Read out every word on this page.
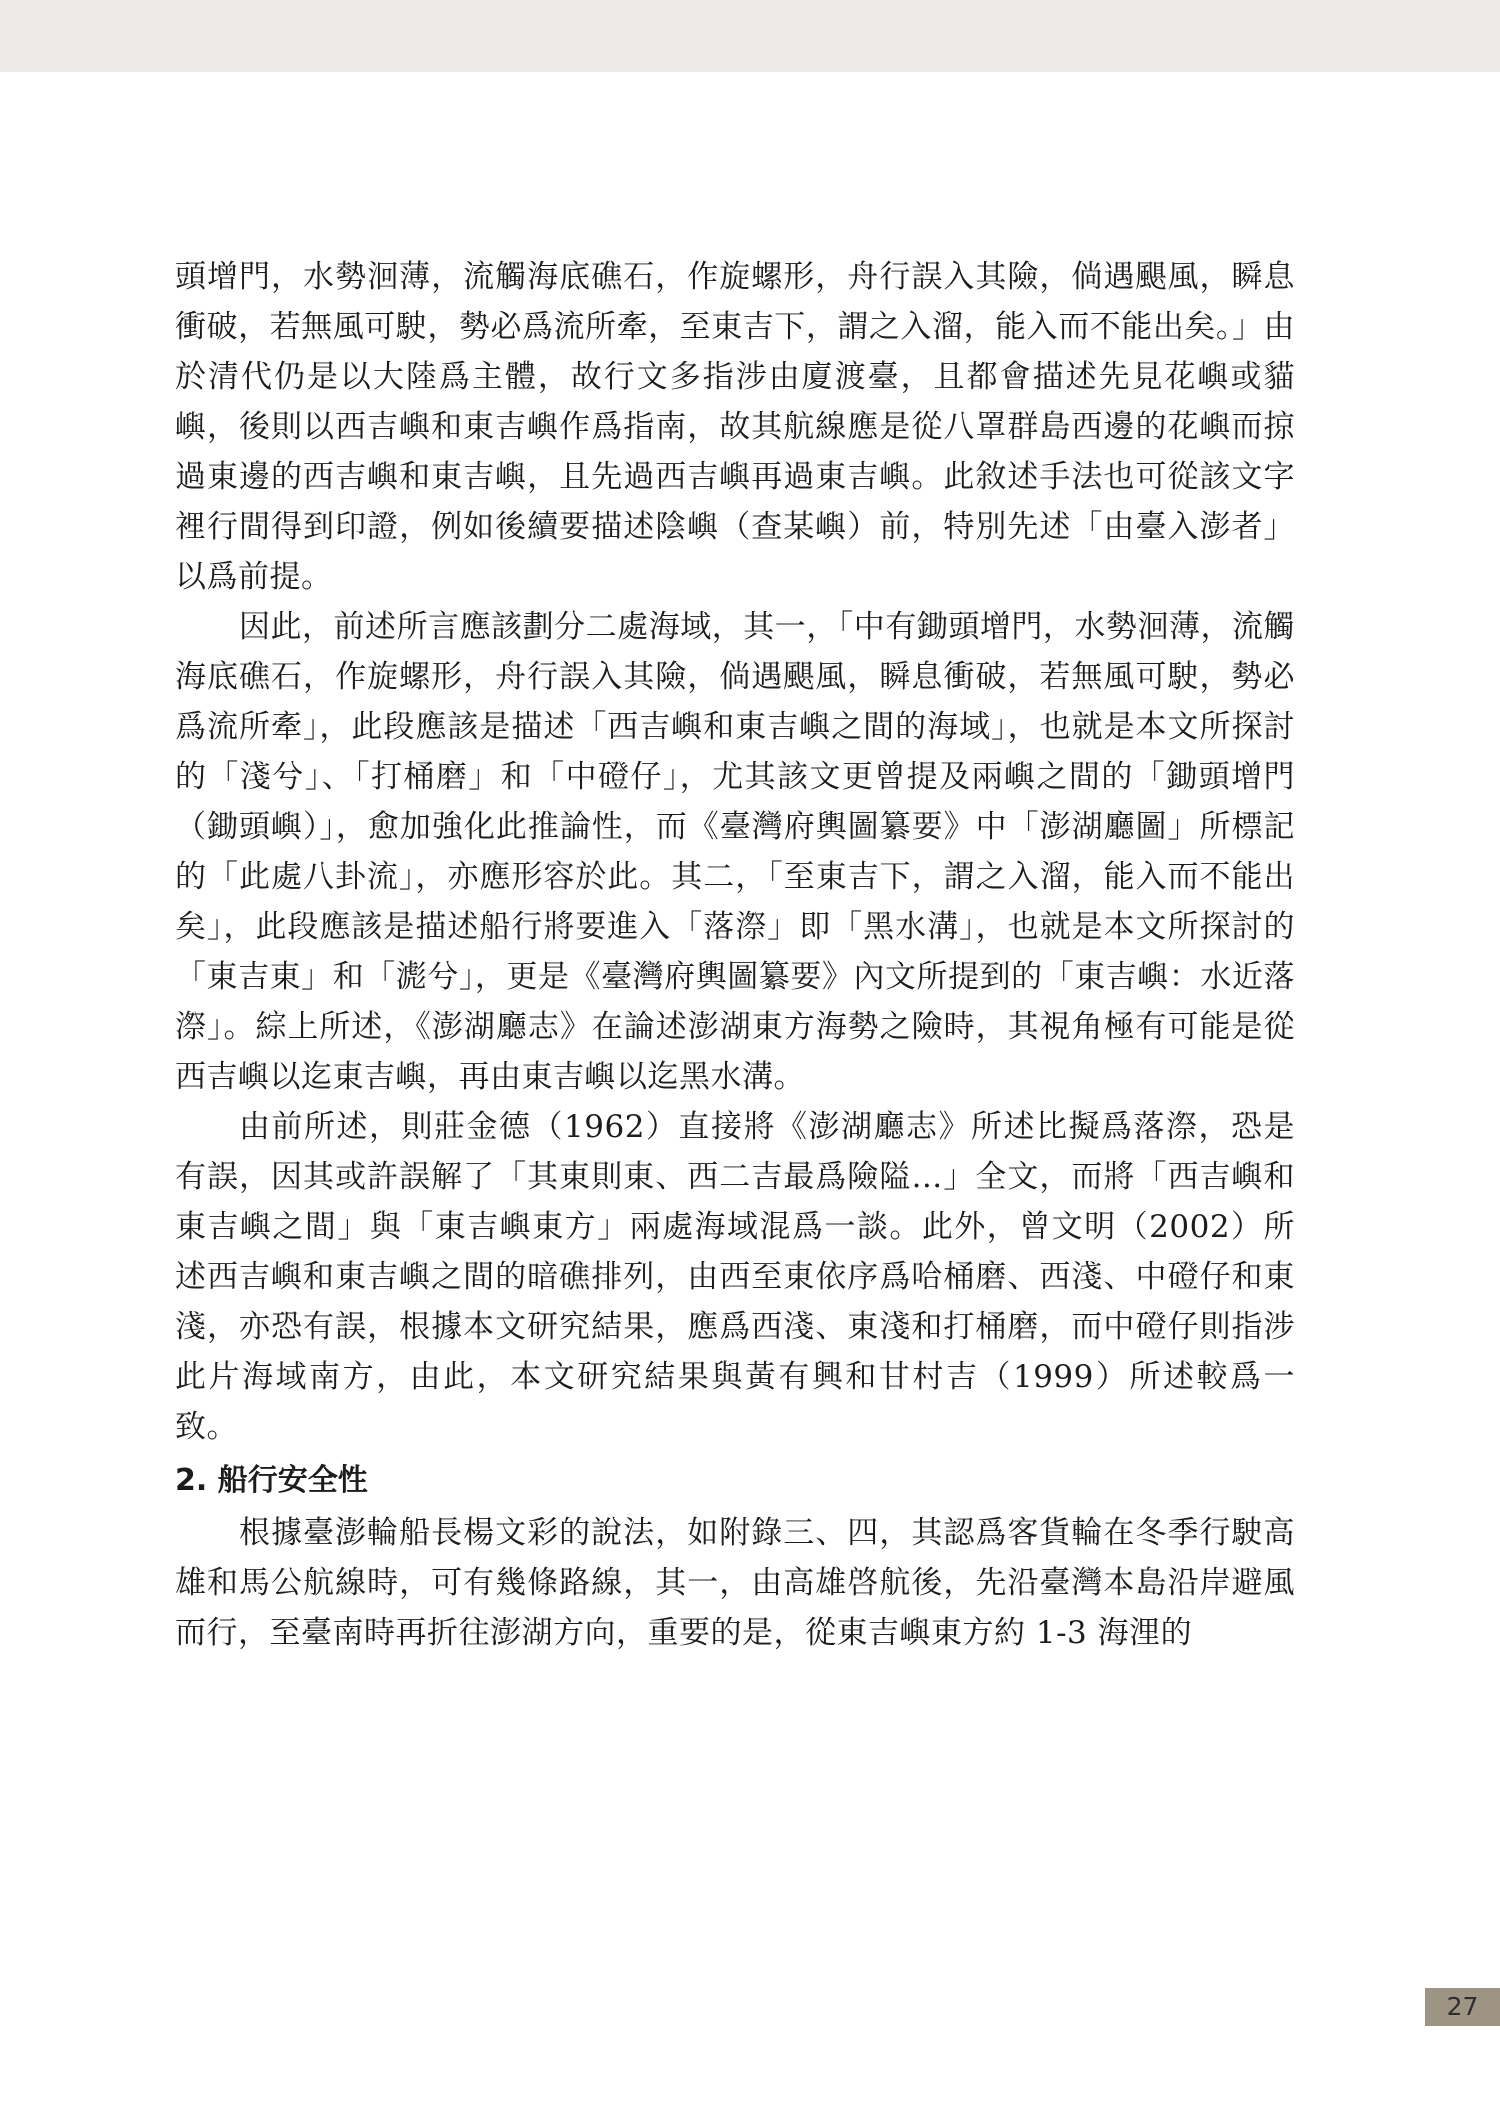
頭增門，水勢洄薄，流觸海底礁石，作旋螺形，舟行誤入其險，倘遇颶風，瞬息衝破，若無風可駛，勢必爲流所牽，至東吉下，謂之入溜，能入而不能出矣。」由於清代仍是以大陸爲主體，故行文多指涉由廈渡臺，且都會描述先見花嶼或貓嶼，後則以西吉嶼和東吉嶼作爲指南，故其航線應是從八罩群島西邊的花嶼而掠過東邊的西吉嶼和東吉嶼，且先過西吉嶼再過東吉嶼。此敘述手法也可從該文字裡行間得到印證，例如後續要描述陰嶼（查某嶼）前，特別先述「由臺入澎者」以爲前提。

因此，前述所言應該劃分二處海域，其一，「中有鋤頭增門，水勢洄薄，流觸海底礁石，作旋螺形，舟行誤入其險，倘遇颶風，瞬息衝破，若無風可駛，勢必爲流所牽」，此段應該是描述「西吉嶼和東吉嶼之間的海域」，也就是本文所探討的「淺兮」、「打桶磨」和「中磴仔」，尤其該文更曾提及兩嶼之間的「鋤頭增門（鋤頭嶼）」，愈加強化此推論性，而《臺灣府輿圖纂要》中「澎湖廳圖」所標記的「此處八卦流」，亦應形容於此。其二，「至東吉下，謂之入溜，能入而不能出矣」，此段應該是描述船行將要進入「落漈」即「黑水溝」，也就是本文所探討的「東吉東」和「滮兮」，更是《臺灣府輿圖纂要》內文所提到的「東吉嶼：水近落漈」。綜上所述，《澎湖廳志》在論述澎湖東方海勢之險時，其視角極有可能是從西吉嶼以迄東吉嶼，再由東吉嶼以迄黑水溝。

由前所述，則莊金德（1962）直接將《澎湖廳志》所述比擬爲落漈，恐是有誤，因其或許誤解了「其東則東、西二吉最爲險隘…」全文，而將「西吉嶼和東吉嶼之間」與「東吉嶼東方」兩處海域混爲一談。此外，曾文明（2002）所述西吉嶼和東吉嶼之間的暗礁排列，由西至東依序爲哈桶磨、西淺、中磴仔和東淺，亦恐有誤，根據本文研究結果，應爲西淺、東淺和打桶磨，而中磴仔則指涉此片海域南方，由此，本文研究結果與黃有興和甘村吉（1999）所述較爲一致。

2. 船行安全性

根據臺澎輪船長楊文彩的說法，如附錄三、四，其認爲客貨輪在冬季行駛高雄和馬公航線時，可有幾條路線，其一，由高雄啓航後，先沿臺灣本島沿岸避風而行，至臺南時再折往澎湖方向，重要的是，從東吉嶼東方約 1-3 海浬的

27
